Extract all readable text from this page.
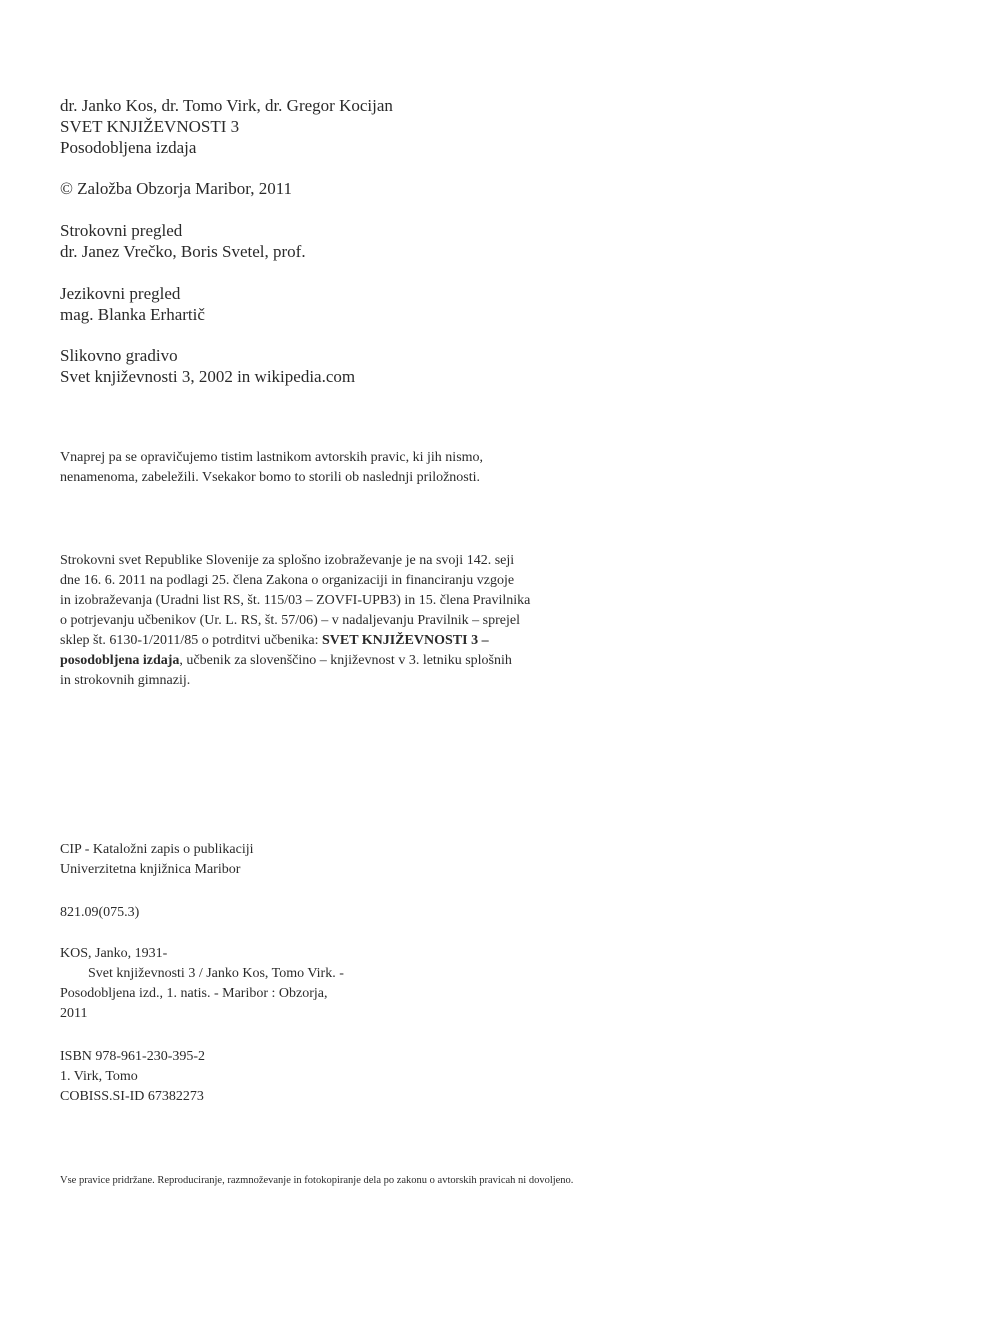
dr. Janko Kos, dr. Tomo Virk, dr. Gregor Kocijan
SVET KNJIŽEVNOSTI 3
Posodobljena izdaja
© Založba Obzorja Maribor, 2011
Strokovni pregled
dr. Janez Vrečko, Boris Svetel, prof.
Jezikovni pregled
mag. Blanka Erhartič
Slikovno gradivo
Svet književnosti 3, 2002 in wikipedia.com
Vnaprej pa se opravičujemo tistim lastnikom avtorskih pravic, ki jih nismo,
nenamenoma, zabeležili. Vsekakor bomo to storili ob naslednji priložnosti.
Strokovni svet Republike Slovenije za splošno izobraževanje je na svoji 142. seji
dne 16. 6. 2011 na podlagi 25. člena Zakona o organizaciji in financiranju vzgoje
in izobraževanja (Uradni list RS, št. 115/03 – ZOVFI-UPB3) in 15. člena Pravilnika
o potrjevanju učbenikov (Ur. L. RS, št. 57/06) – v nadaljevanju Pravilnik – sprejel
sklep št. 6130-1/2011/85 o potrditvi učbenika: SVET KNJIŽEVNOSTI 3 –
posodobljena izdaja, učbenik za slovenščino – književnost v 3. letniku splošnih
in strokovnih gimnazij.
CIP - Kataložni zapis o publikaciji
Univerzitetna knjižnica Maribor
821.09(075.3)
KOS, Janko, 1931-
Svet književnosti 3 / Janko Kos, Tomo Virk. -
Posodobljena izd., 1. natis. - Maribor : Obzorja,
2011
ISBN 978-961-230-395-2
1. Virk, Tomo
COBISS.SI-ID 67382273
Vse pravice pridržane. Reproduciranje, razmnoževanje in fotokopiranje dela po zakonu o avtorskih pravicah ni dovoljeno.
